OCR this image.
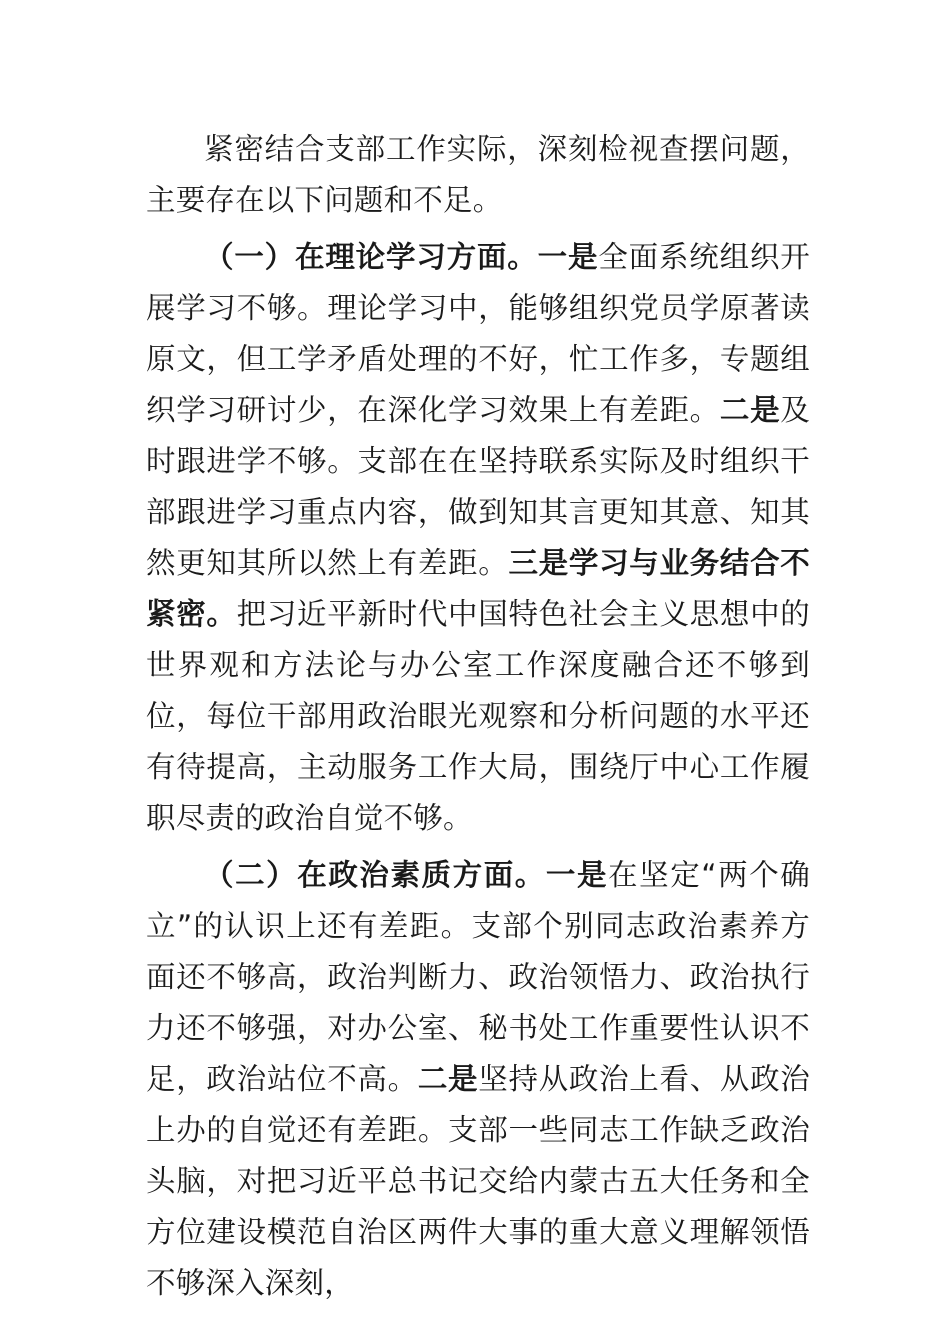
紧密结合支部工作实际，深刻检视查摆问题，主要存在以下问题和不足。

（一）在理论学习方面。一是全面系统组织开展学习不够。理论学习中，能够组织党员学原著读原文，但工学矛盾处理的不好，忙工作多，专题组织学习研讨少，在深化学习效果上有差距。二是及时跟进学不够。支部在在坚持联系实际及时组织干部跟进学习重点内容，做到知其言更知其意、知其然更知其所以然上有差距。三是学习与业务结合不紧密。把习近平新时代中国特色社会主义思想中的世界观和方法论与办公室工作深度融合还不够到位，每位干部用政治眼光观察和分析问题的水平还有待提高，主动服务工作大局，围绕厅中心工作履职尽责的政治自觉不够。

（二）在政治素质方面。一是在坚定“两个确立”的认识上还有差距。支部个别同志政治素养方面还不够高，政治判断力、政治领悟力、政治执行力还不够强，对办公室、秘书处工作重要性认识不足，政治站位不高。二是坚持从政治上看、从政治上办的自觉还有差距。支部一些同志工作缺乏政治头脑，对把习近平总书记交给内蒙古五大任务和全方位建设模范自治区两件大事的重大意义理解领悟不够深入深刻，
